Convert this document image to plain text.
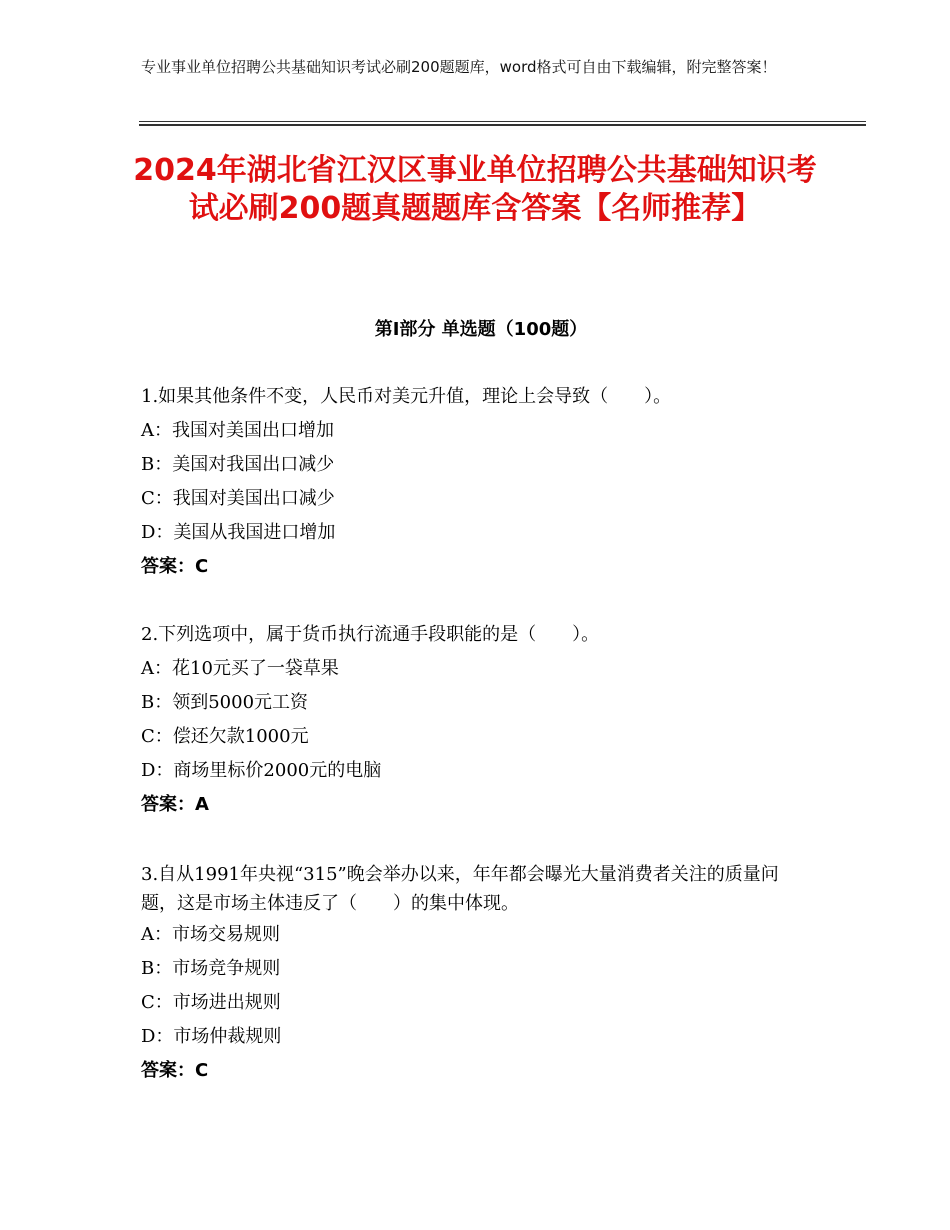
专业事业单位招聘公共基础知识考试必刷200题题库，word格式可自由下载编辑，附完整答案！
2024年湖北省江汉区事业单位招聘公共基础知识考试必刷200题真题题库含答案【名师推荐】
第Ⅰ部分 单选题（100题）
1.如果其他条件不变，人民币对美元升值，理论上会导致（　　）。
A：我国对美国出口增加
B：美国对我国出口减少
C：我国对美国出口减少
D：美国从我国进口增加
答案：C
2.下列选项中，属于货币执行流通手段职能的是（　　）。
A：花10元买了一袋草果
B：领到5000元工资
C：偿还欠款1000元
D：商场里标价2000元的电脑
答案：A
3.自从1991年央视“315”晚会举办以来，年年都会曝光大量消费者关注的质量问题，这是市场主体违反了（　　）的集中体现。
A：市场交易规则
B：市场竞争规则
C：市场进出规则
D：市场仲裁规则
答案：C
